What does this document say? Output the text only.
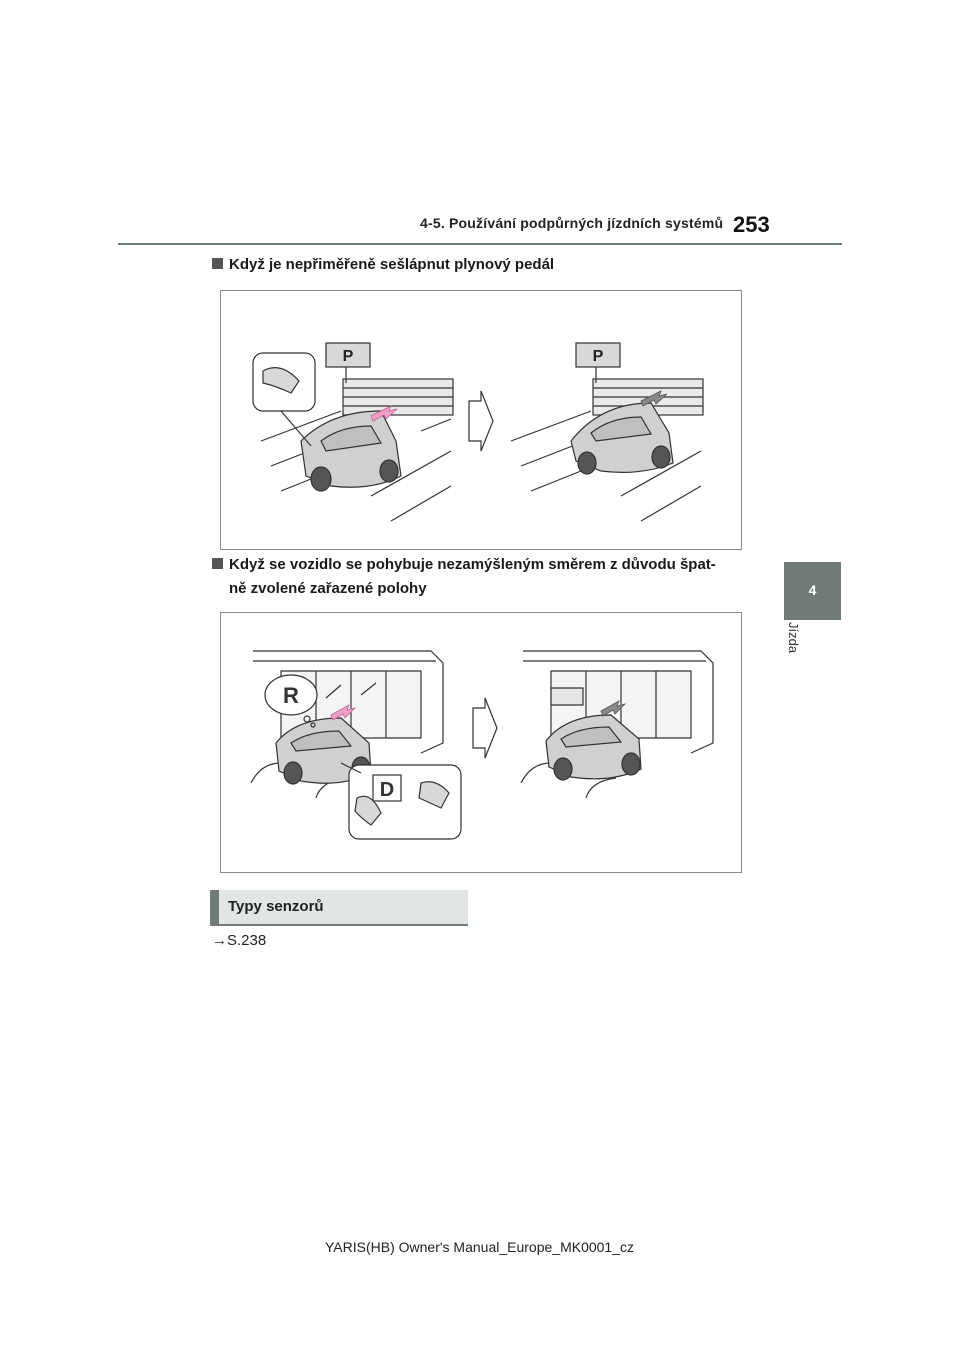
4-5. Používání podpůrných jízdních systémů 253
4
Jízda
Když je nepřiměřeně sešlápnut plynový pedál
P	P
Když se vozidlo se pohybuje nezamýšleným směrem z důvodu špat-
ně zvolené zařazené polohy
R
D
Typy senzorů
→S.238
YARIS(HB) Owner's Manual_Europe_MK0001_cz
